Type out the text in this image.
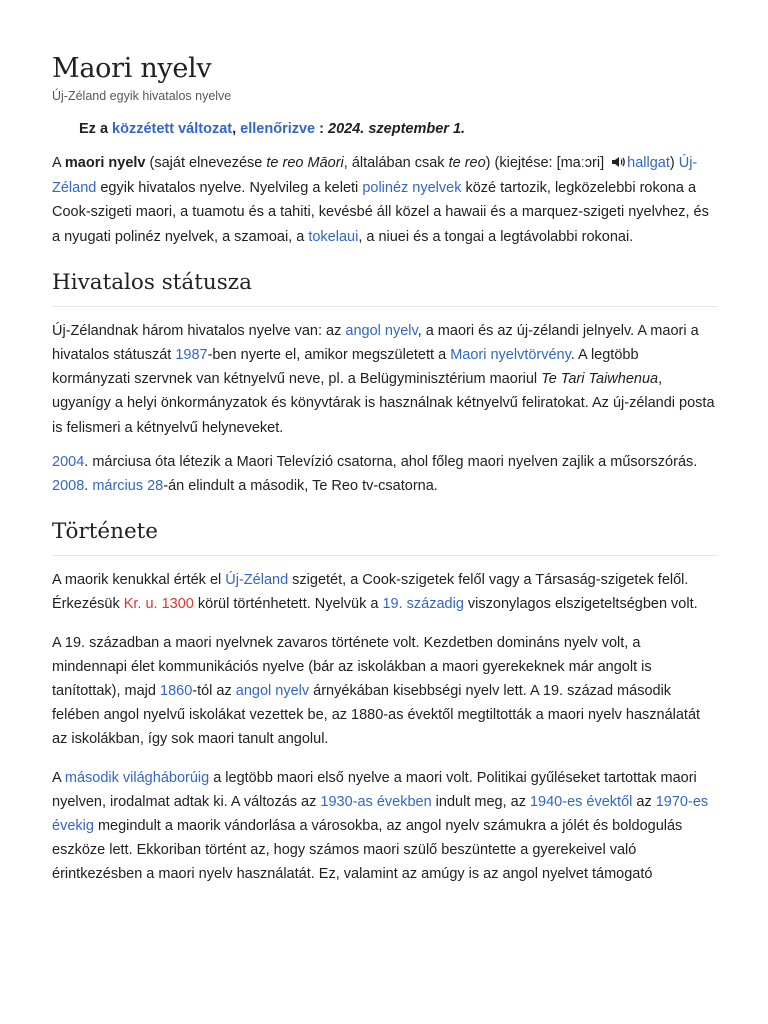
Maori nyelv
Új-Zéland egyik hivatalos nyelve
Ez a közzétett változat, ellenőrizve : 2024. szeptember 1.

A maori nyelv (saját elnevezése te reo Māori, általában csak te reo) (kiejtése: [maːɔri] hallgat) Új-Zéland egyik hivatalos nyelve. Nyelvileg a keleti polinéz nyelvek közé tartozik, legközelebbi rokona a Cook-szigeti maori, a tuamotu és a tahiti, kevésbé áll közel a hawaii és a marquez-szigeti nyelvhez, és a nyugati polinéz nyelvek, a szamoai, a tokelaui, a niuei és a tongai a legtávolabbi rokonai.

Hivatalos státusza

Új-Zélandnak három hivatalos nyelve van: az angol nyelv, a maori és az új-zélandi jelnyelv. A maori a hivatalos státuszát 1987-ben nyerte el, amikor megszületett a Maori nyelvtörvény. A legtöbb kormányzati szervnek van kétnyelvű neve, pl. a Belügyminisztérium maoriul Te Tari Taiwhenua, ugyanígy a helyi önkormányzatok és könyvtárak is használnak kétnyelvű feliratokat. Az új-zélandi posta is felismeri a kétnyelvű helyneveket.

2004. márciusa óta létezik a Maori Televízió csatorna, ahol főleg maori nyelven zajlik a műsorszórás. 2008. március 28-án elindult a második, Te Reo tv-csatorna.

Története

A maorik kenukkal érték el Új-Zéland szigetét, a Cook-szigetek felől vagy a Társaság-szigetek felől. Érkezésük Kr. u. 1300 körül történhetett. Nyelvük a 19. századig viszonylagos elszigeteltségben volt.

A 19. században a maori nyelvnek zavaros története volt. Kezdetben domináns nyelv volt, a mindennapi élet kommunikációs nyelve (bár az iskolákban a maori gyerekeknek már angolt is tanítottak), majd 1860-tól az angol nyelv árnyékában kisebbségi nyelv lett. A 19. század második felében angol nyelvű iskolákat vezettek be, az 1880-as évektől megtiltották a maori nyelv használatát az iskolákban, így sok maori tanult angolul.

A második világháborúig a legtöbb maori első nyelve a maori volt. Politikai gyűléseket tartottak maori nyelven, irodalmat adtak ki. A változás az 1930-as években indult meg, az 1940-es évektől az 1970-es évekig megindult a maorik vándorlása a városokba, az angol nyelv számukra a jólét és boldogulás eszköze lett. Ekkoriban történt az, hogy számos maori szülő beszüntette a gyerekeivel való érintkezésben a maori nyelv használatát. Ez, valamint az amúgy is az angol nyelvet támogató
